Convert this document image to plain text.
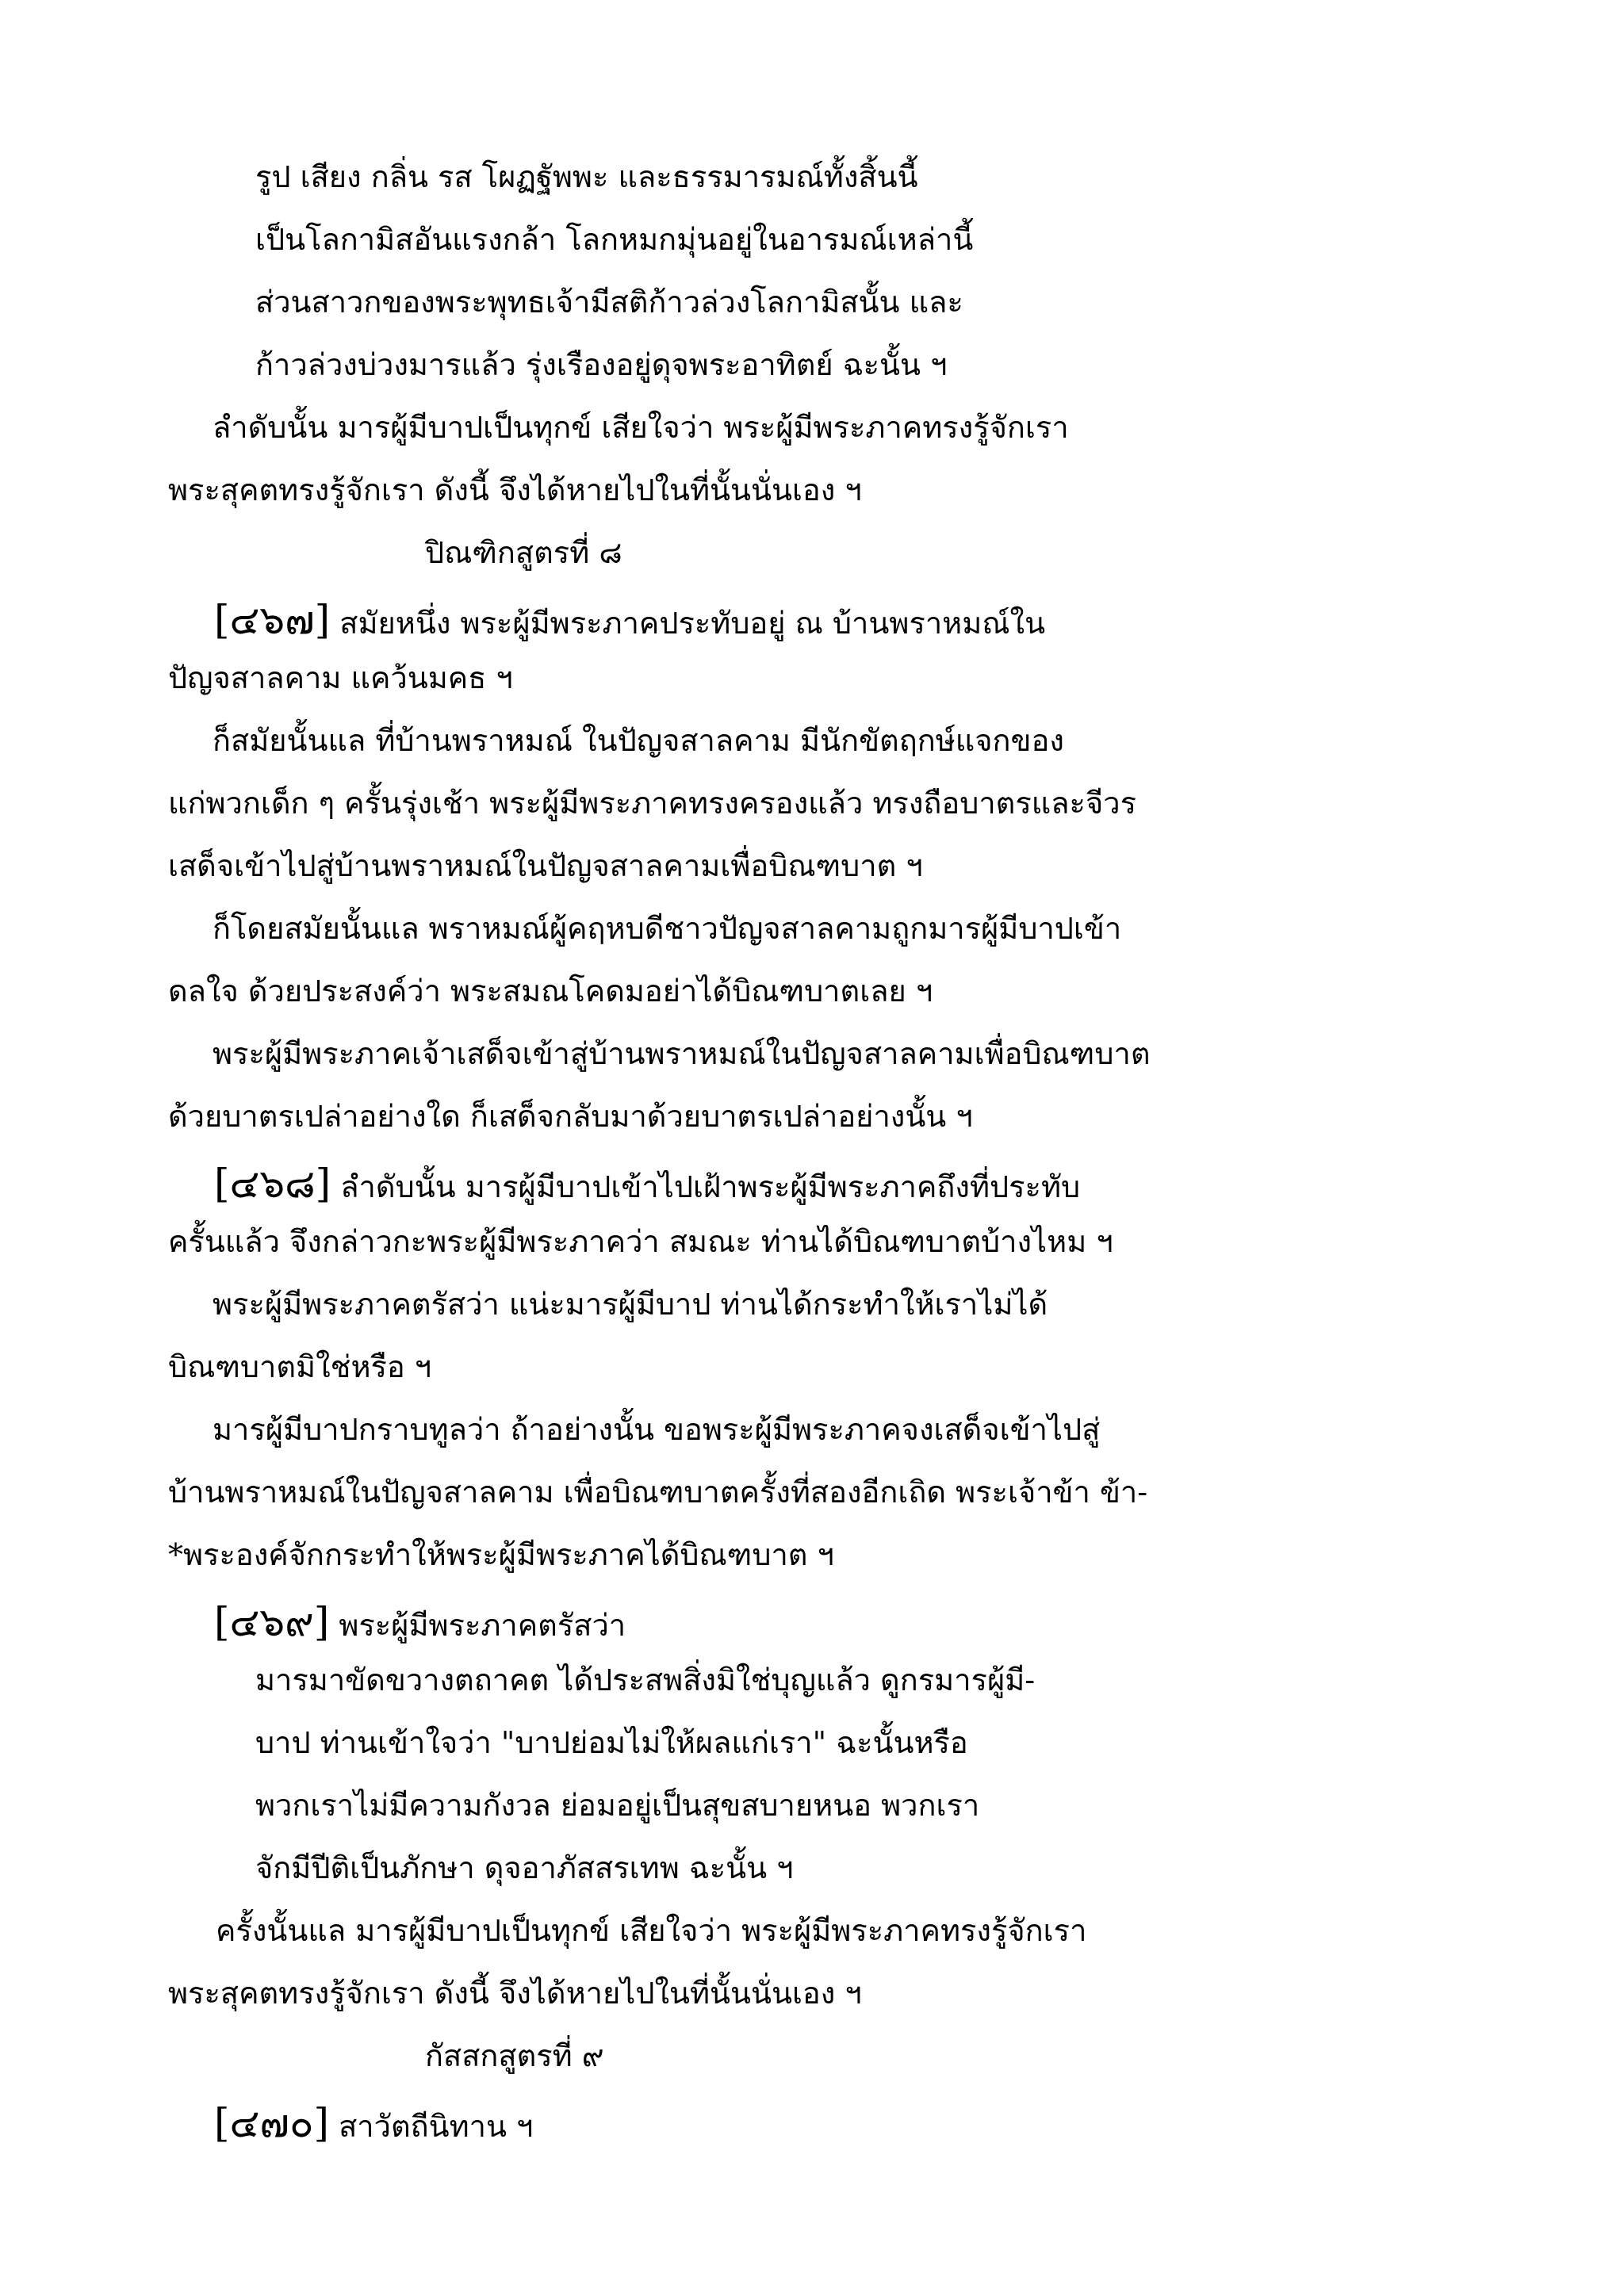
รูป เสียง กลิ่น รส โผฏฐัพพะ และธรรมารมณ์ทั้งสิ้นนี้

เป็นโลกามิสอันแรงกล้า โลกหมกมุ่นอยู่ในอารมณ์เหล่านี้

ส่วนสาวกของพระพุทธเจ้ามีสติก้าวล่วงโลกามิสนั้น และ

ก้าวล่วงบ่วงมารแล้ว รุ่งเรืองอยู่ดุจพระอาทิตย์ ฉะนั้น ฯ

ลำดับนั้น มารผู้มีบาปเป็นทุกข์ เสียใจว่า พระผู้มีพระภาคทรงรู้จักเรา

พระสุคตทรงรู้จักเรา ดังนี้ จึงได้หายไปในที่นั้นนั่นเอง ฯ

ปิณฑิกสูตรที่ ๘

[๔๖๗] สมัยหนึ่ง พระผู้มีพระภาคประทับอยู่ ณ บ้านพราหมณ์ใน

ปัญจสาลคาม แคว้นมคธ ฯ

ก็สมัยนั้นแล ที่บ้านพราหมณ์ ในปัญจสาลคาม มีนักขัตฤกษ์แจกของ

แก่พวกเด็ก ๆ ครั้นรุ่งเช้า พระผู้มีพระภาคทรงครองแล้ว ทรงถือบาตรและจีวร

เสด็จเข้าไปสู่บ้านพราหมณ์ในปัญจสาลคามเพื่อบิณฑบาต ฯ

ก็โดยสมัยนั้นแล พราหมณ์ผู้คฤหบดีชาวปัญจสาลคามถูกมารผู้มีบาปเข้า

ดลใจ ด้วยประสงค์ว่า พระสมณโคดมอย่าได้บิณฑบาตเลย ฯ

พระผู้มีพระภาคเจ้าเสด็จเข้าสู่บ้านพราหมณ์ในปัญจสาลคามเพื่อบิณฑบาต

ด้วยบาตรเปล่าอย่างใด ก็เสด็จกลับมาด้วยบาตรเปล่าอย่างนั้น ฯ

[๔๖๘] ลำดับนั้น มารผู้มีบาปเข้าไปเฝ้าพระผู้มีพระภาคถึงที่ประทับ

ครั้นแล้ว จึงกล่าวกะพระผู้มีพระภาคว่า สมณะ ท่านได้บิณฑบาตบ้างไหม ฯ

พระผู้มีพระภาคตรัสว่า แน่ะมารผู้มีบาป ท่านได้กระทำให้เราไม่ได้

บิณฑบาตมิใช่หรือ ฯ

มารผู้มีบาปกราบทูลว่า ถ้าอย่างนั้น ขอพระผู้มีพระภาคจงเสด็จเข้าไปสู่

บ้านพราหมณ์ในปัญจสาลคาม เพื่อบิณฑบาตครั้งที่สองอีกเถิด พระเจ้าข้า ข้า-

*พระองค์จักกระทำให้พระผู้มีพระภาคได้บิณฑบาต ฯ

[๔๖๙] พระผู้มีพระภาคตรัสว่า

มารมาขัดขวางตถาคต ได้ประสพสิ่งมิใช่บุญแล้ว ดูกรมารผู้มี-

บาป ท่านเข้าใจว่า "บาปย่อมไม่ให้ผลแก่เรา" ฉะนั้นหรือ

พวกเราไม่มีความกังวล ย่อมอยู่เป็นสุขสบายหนอ พวกเรา

จักมีปีติเป็นภักษา ดุจอาภัสสรเทพ ฉะนั้น ฯ

ครั้งนั้นแล มารผู้มีบาปเป็นทุกข์ เสียใจว่า พระผู้มีพระภาคทรงรู้จักเรา

พระสุคตทรงรู้จักเรา ดังนี้ จึงได้หายไปในที่นั้นนั่นเอง ฯ

กัสสกสูตรที่ ๙

[๔๗๐] สาวัตถีนิทาน ฯ
